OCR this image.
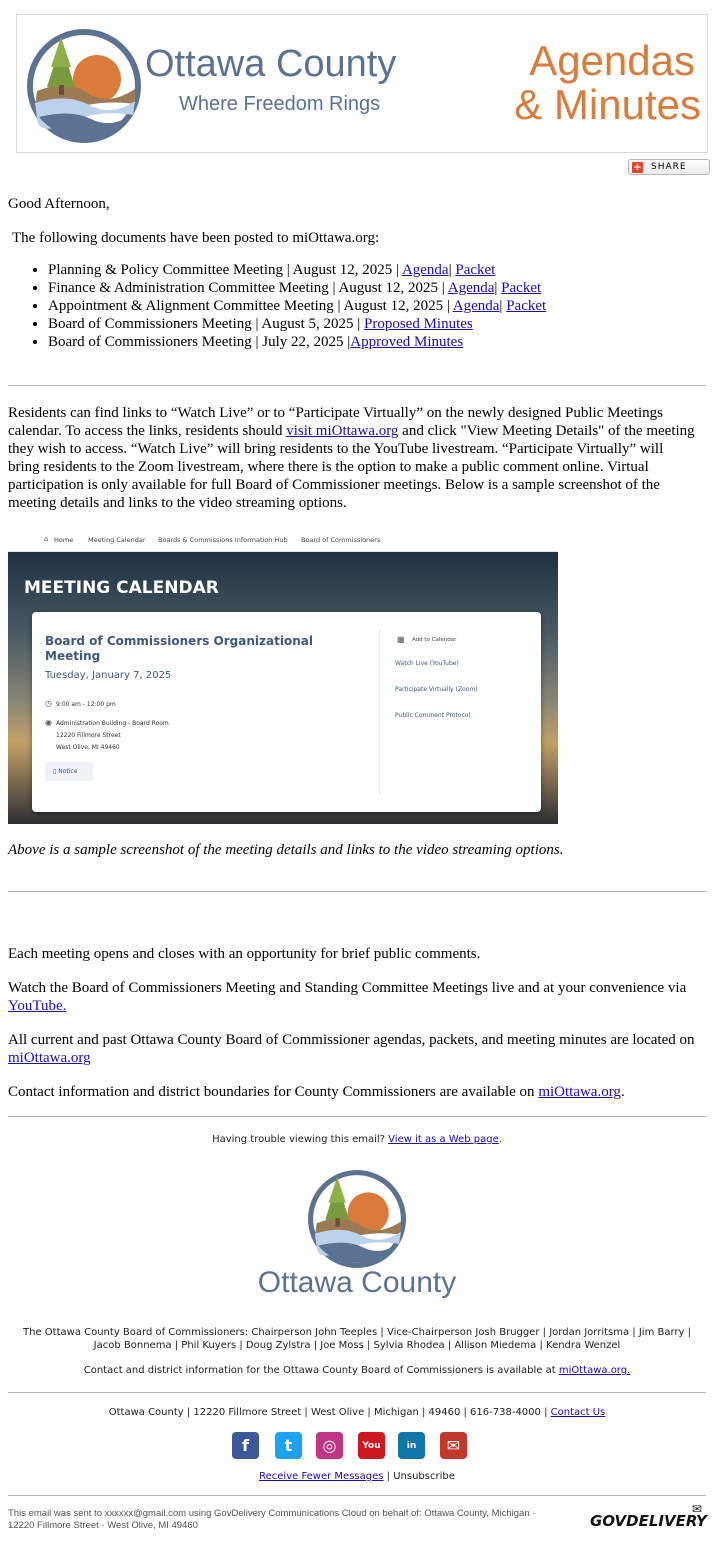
Ottawa County
Where Freedom Rings
Agendas
& Minutes
+ SHARE

Good Afternoon,

The following documents have been posted to miOttawa.org:

• Planning & Policy Committee Meeting | August 12, 2025 | Agenda| Packet
• Finance & Administration Committee Meeting | August 12, 2025 | Agenda| Packet
• Appointment & Alignment Committee Meeting | August 12, 2025 | Agenda| Packet
• Board of Commissioners Meeting | August 5, 2025 | Proposed Minutes
• Board of Commissioners Meeting | July 22, 2025 |Approved Minutes

Residents can find links to “Watch Live” or to “Participate Virtually” on the newly designed Public Meetings calendar. To access the links, residents should visit miOttawa.org and click "View Meeting Details" of the meeting they wish to access. “Watch Live” will bring residents to the YouTube livestream. “Participate Virtually” will bring residents to the Zoom livestream, where there is the option to make a public comment online. Virtual participation is only available for full Board of Commissioner meetings. Below is a sample screenshot of the meeting details and links to the video streaming options.

⌂ Home Meeting Calendar Boards & Commissions Information Hub Board of Commissioners
MEETING CALENDAR
Board of Commissioners Organizational Meeting
Tuesday, January 7, 2025
◷ 9:00 am - 12:00 pm
◉ Administration Building - Board Room
12220 Fillmore Street
West Olive, MI 49460
▯ Notice
▦ Add to Calendar
Watch Live (YouTube)
Participate Virtually (Zoom)
Public Comment Protocol

Above is a sample screenshot of the meeting details and links to the video streaming options.

Each meeting opens and closes with an opportunity for brief public comments.

Watch the Board of Commissioners Meeting and Standing Committee Meetings live and at your convenience via YouTube.

All current and past Ottawa County Board of Commissioner agendas, packets, and meeting minutes are located on miOttawa.org

Contact information and district boundaries for County Commissioners are available on miOttawa.org.

Having trouble viewing this email? View it as a Web page.
Ottawa County
The Ottawa County Board of Commissioners: Chairperson John Teeples | Vice-Chairperson Josh Brugger | Jordan Jorritsma | Jim Barry |
Jacob Bonnema | Phil Kuyers | Doug Zylstra | Joe Moss | Sylvia Rhodea | Allison Miedema | Kendra Wenzel
Contact and district information for the Ottawa County Board of Commissioners is available at miOttawa.org.
Ottawa County | 12220 Fillmore Street | West Olive | Michigan | 49460 | 616-738-4000 | Contact Us
f	t	◎	You	in	✉
Receive Fewer Messages | Unsubscribe
This email was sent to xxxxxx@gmail.com using GovDelivery Communications Cloud on behalf of: Ottawa County, Michigan ·
12220 Fillmore Street · West Olive, MI 49460	GOVDELIVERY
✉
